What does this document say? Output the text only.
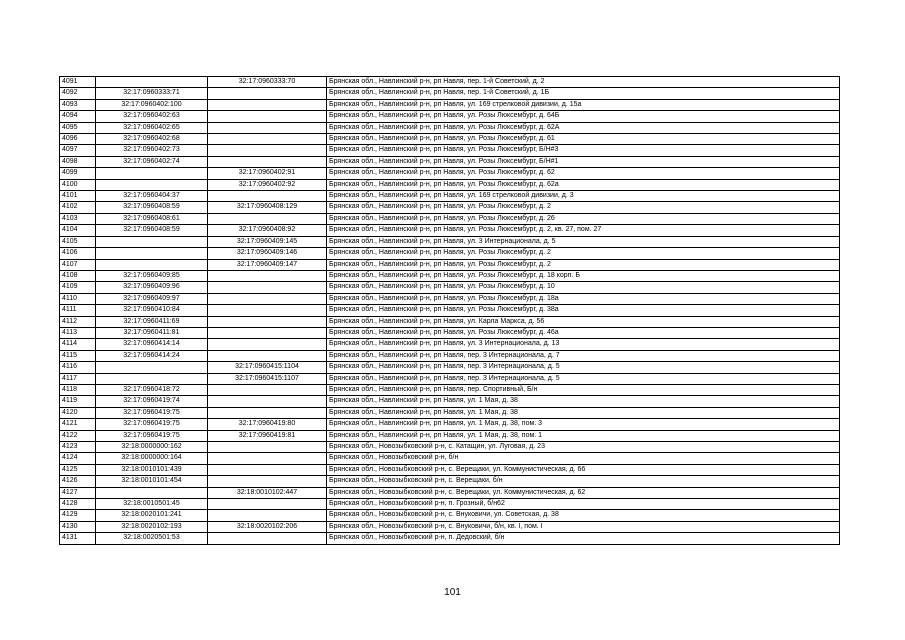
4091		32:17:0960333:70	Брянская обл., Навлинский р-н, рп Навля, пер. 1-й Советский, д. 2
4092	32:17:0960333:71		Брянская обл., Навлинский р-н, рп Навля, пер. 1-й Советский, д. 1Б
4093	32:17:0960402:100		Брянская обл., Навлинский р-н, рп Навля, ул. 169 стрелковой дивизии, д. 15а
4094	32:17:0960402:63		Брянская обл., Навлинский р-н, рп Навля, ул. Розы Люксембург, д. 64Б
4095	32:17:0960402:65		Брянская обл., Навлинский р-н, рп Навля, ул. Розы Люксембург, д. 62А
4096	32:17:0960402:68		Брянская обл., Навлинский р-н, рп Навля, ул. Розы Люксембург, д. 61
4097	32:17:0960402:73		Брянская обл., Навлинский р-н, рп Навля, ул. Розы Люксембург, Б/Н#3
4098	32:17:0960402:74		Брянская обл., Навлинский р-н, рп Навля, ул. Розы Люксембург, Б/Н#1
4099		32:17:0960402:91	Брянская обл., Навлинский р-н, рп Навля, ул. Розы Люксембург, д. 62
4100		32:17:0960402:92	Брянская обл., Навлинский р-н, рп Навля, ул. Розы Люксембург, д. 62а
4101	32:17:0960404:37		Брянская обл., Навлинский р-н, рп Навля, ул. 169 стрелковой дивизии, д. 3
4102	32:17:0960408:59	32:17:0960408:129	Брянская обл., Навлинский р-н, рп Навля, ул. Розы Люксембург, д. 2
4103	32:17:0960408:61		Брянская обл., Навлинский р-н, рп Навля, ул. Розы Люксембург, д. 26
4104	32:17:0960408:59	32:17:0960408:92	Брянская обл., Навлинский р-н, рп Навля, ул. Розы Люксембург, д. 2, кв. 27, пом. 27
4105		32:17:0960409:145	Брянская обл., Навлинский р-н, рп Навля, ул. 3 Интернационала, д. 5
4106		32:17:0960409:146	Брянская обл., Навлинский р-н, рп Навля, ул. Розы Люксембург, д. 2
4107		32:17:0960409:147	Брянская обл., Навлинский р-н, рп Навля, ул. Розы Люксембург, д. 2
4108	32:17:0960409:85		Брянская обл., Навлинский р-н, рп Навля, ул. Розы Люксембург, д. 18 корп. Б
4109	32:17:0960409:96		Брянская обл., Навлинский р-н, рп Навля, ул. Розы Люксембург, д. 10
4110	32:17:0960409:97		Брянская обл., Навлинский р-н, рп Навля, ул. Розы Люксембург, д. 18а
4111	32:17:0960410:84		Брянская обл., Навлинский р-н, рп Навля, ул. Розы Люксембург, д. 38а
4112	32:17:0960411:69		Брянская обл., Навлинский р-н, рп Навля, ул. Карла Маркса, д. 56
4113	32:17:0960411:81		Брянская обл., Навлинский р-н, рп Навля, ул. Розы Люксембург, д. 46а
4114	32:17:0960414:14		Брянская обл., Навлинский р-н, рп Навля, ул. 3 Интернационала, д. 13
4115	32:17:0960414:24		Брянская обл., Навлинский р-н, рп Навля, пер. 3 Интернационала, д. 7
4116		32:17:0960415:1104	Брянская обл., Навлинский р-н, рп Навля, пер. 3 Интернационала, д. 5
4117		32:17:0960415:1107	Брянская обл., Навлинский р-н, рп Навля, пер. 3 Интернационала, д. 5
4118	32:17:0960418:72		Брянская обл., Навлинский р-н, рп Навля, пер. Спортивный, Б/н
4119	32:17:0960419:74		Брянская обл., Навлинский р-н, рп Навля, ул. 1 Мая, д. 38
4120	32:17:0960419:75		Брянская обл., Навлинский р-н, рп Навля, ул. 1 Мая, д. 38
4121	32:17:0960419:75	32:17:0960419:80	Брянская обл., Навлинский р-н, рп Навля, ул. 1 Мая, д. 38, пом. 3
4122	32:17:0960419:75	32:17:0960419:81	Брянская обл., Навлинский р-н, рп Навля, ул. 1 Мая, д. 38, пом. 1
4123	32:18:0000000:162		Брянская обл., Новозыбковский р-н, с. Катащин, ул. Луговая, д. 23
4124	32:18:0000000:164		Брянская обл., Новозыбковский р-н, б/н
4125	32:18:0010101:439		Брянская обл., Новозыбковский р-н, с. Верещаки, ул. Коммунистическая, д. 66
4126	32:18:0010101:454		Брянская обл., Новозыбковский р-н, с. Верещаки, б/н
4127		32:18:0010102:447	Брянская обл., Новозыбковский р-н, с. Верещаки, ул. Коммунистическая, д. 62
4128	32:18:0010501:45		Брянская обл., Новозыбковский р-н, п. Грозный, б/н62
4129	32:18:0020101:241		Брянская обл., Новозыбковский р-н, с. Внуковичи, ул. Советская, д. 38
4130	32:18:0020102:193	32:18:0020102:206	Брянская обл., Новозыбковский р-н, с. Внуковичи, б/н, кв. I, пом. I
4131	32:18:0020501:53		Брянская обл., Новозыбковский р-н, п. Дедовский, б/н
101
